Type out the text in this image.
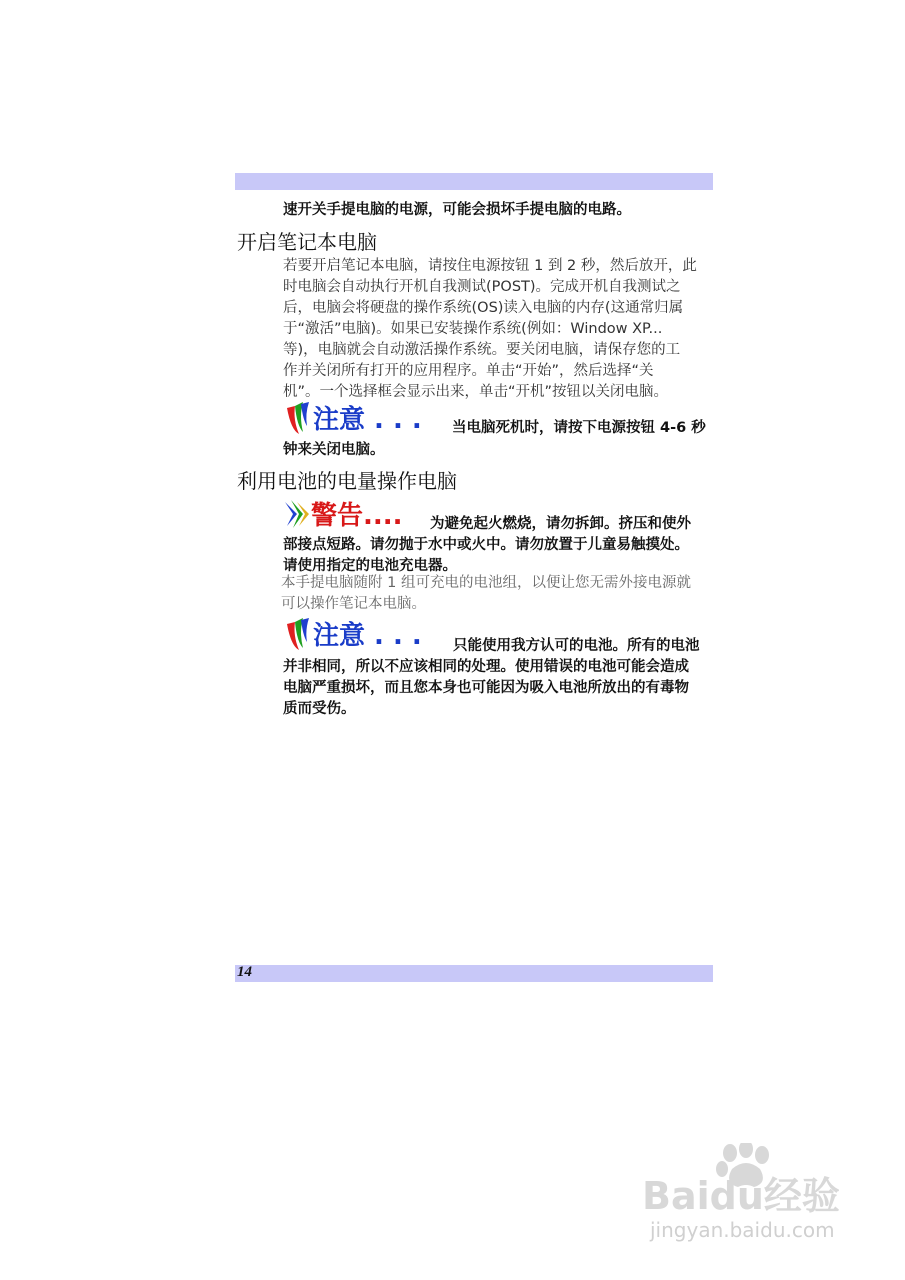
速开关手提电脑的电源，可能会损坏手提电脑的电路。
开启笔记本电脑
若要开启笔记本电脑，请按住电源按钮 1 到 2 秒，然后放开，此
时电脑会自动执行开机自我测试(POST)。完成开机自我测试之
后，电脑会将硬盘的操作系统(OS)读入电脑的内存(这通常归属
于“激活”电脑)。如果已安装操作系统(例如：Window XP...
等)，电脑就会自动激活操作系统。要关闭电脑，请保存您的工
作并关闭所有打开的应用程序。单击“开始”，然后选择“关
机”。一个选择框会显示出来，单击“开机”按钮以关闭电脑。
注意 . . . 当电脑死机时，请按下电源按钮 4-6 秒
钟来关闭电脑。
利用电池的电量操作电脑
警告.... 为避免起火燃烧，请勿拆卸。挤压和使外
部接点短路。请勿抛于水中或火中。请勿放置于儿童易触摸处。
请使用指定的电池充电器。
本手提电脑随附 1 组可充电的电池组，以便让您无需外接电源就
可以操作笔记本电脑。
注意 . . . 只能使用我方认可的电池。所有的电池
并非相同，所以不应该相同的处理。使用错误的电池可能会造成
电脑严重损坏，而且您本身也可能因为吸入电池所放出的有毒物
质而受伤。
14
Baidu经验
jingyan.baidu.com
